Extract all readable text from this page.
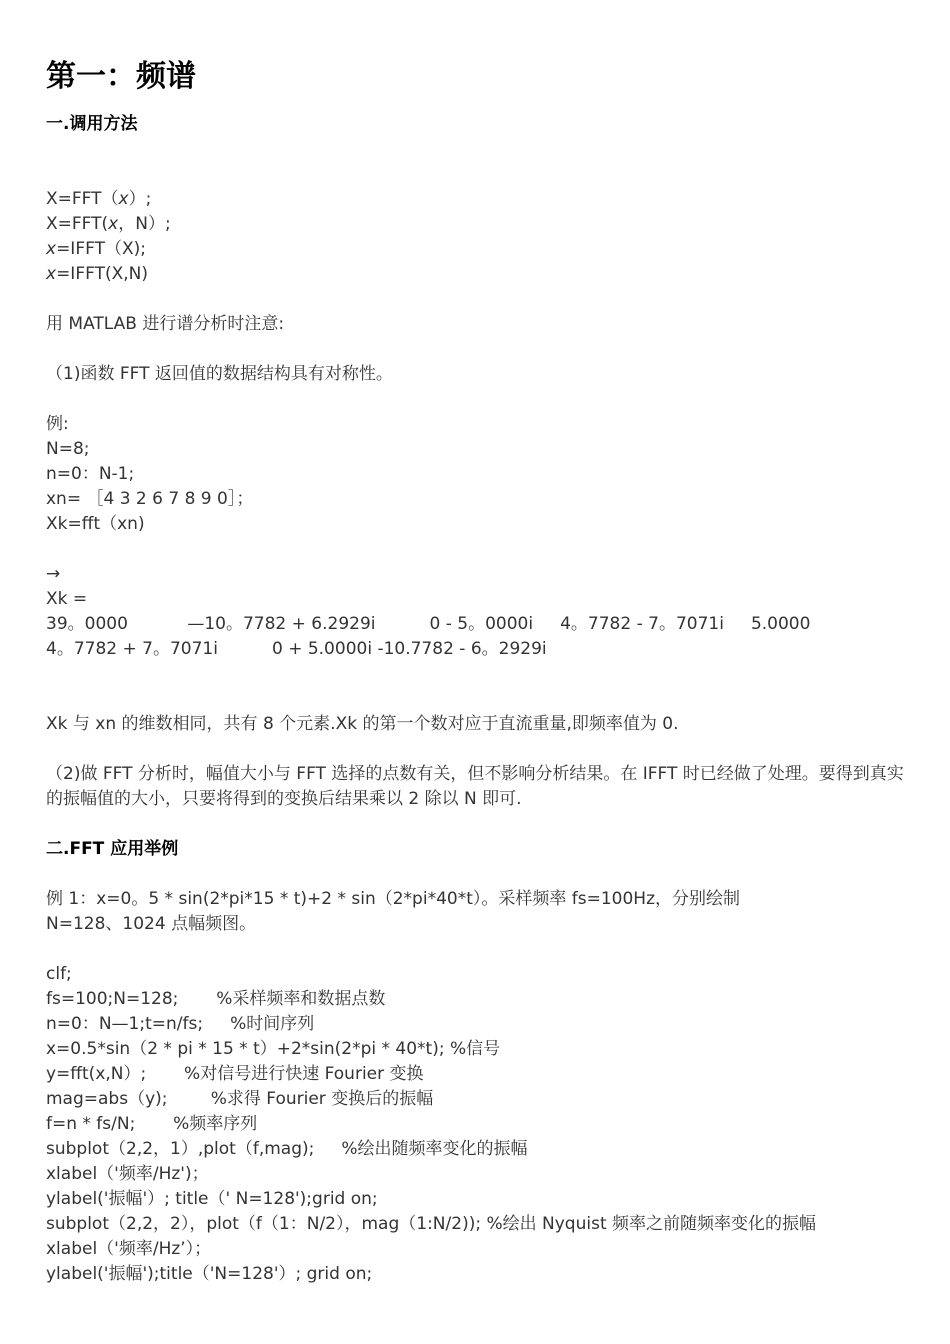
第一：频谱
一.调用方法
X=FFT（x）;
X=FFT(x，N）;
x=IFFT（X);
x=IFFT(X,N)
用 MATLAB 进行谱分析时注意:
（1)函数 FFT 返回值的数据结构具有对称性。
例:
N=8;
n=0：N-1;
xn= ［4 3 2 6 7 8 9 0］；
Xk=fft（xn)
→
Xk =
39。0000           —10。7782 + 6.2929i          0 - 5。0000i     4。7782 - 7。7071i     5.0000
4。7782 + 7。7071i          0 + 5.0000i -10.7782 - 6。2929i
Xk 与 xn 的维数相同，共有 8 个元素.Xk 的第一个数对应于直流重量,即频率值为 0.
（2)做 FFT 分析时，幅值大小与 FFT 选择的点数有关，但不影响分析结果。在 IFFT 时已经做了处理。要得到真实的振幅值的大小，只要将得到的变换后结果乘以 2 除以 N 即可.
二.FFT 应用举例
例 1：x=0。5 * sin(2*pi*15 * t)+2 * sin（2*pi*40*t）。采样频率 fs=100Hz，分别绘制 N=128、1024 点幅频图。
clf;
fs=100;N=128;       %采样频率和数据点数
n=0：N—1;t=n/fs;     %时间序列
x=0.5*sin（2 * pi * 15 * t）+2*sin(2*pi * 40*t); %信号
y=fft(x,N）;       %对信号进行快速 Fourier 变换
mag=abs（y);        %求得 Fourier 变换后的振幅
f=n * fs/N;       %频率序列
subplot（2,2，1）,plot（f,mag);     %绘出随频率变化的振幅
xlabel（'频率/Hz')；
ylabel('振幅'）; title（' N=128');grid on;
subplot（2,2，2），plot（f（1：N/2），mag（1:N/2)); %绘出 Nyquist 频率之前随频率变化的振幅
xlabel（'频率/Hz’）；
ylabel('振幅');title（'N=128'）; grid on;
